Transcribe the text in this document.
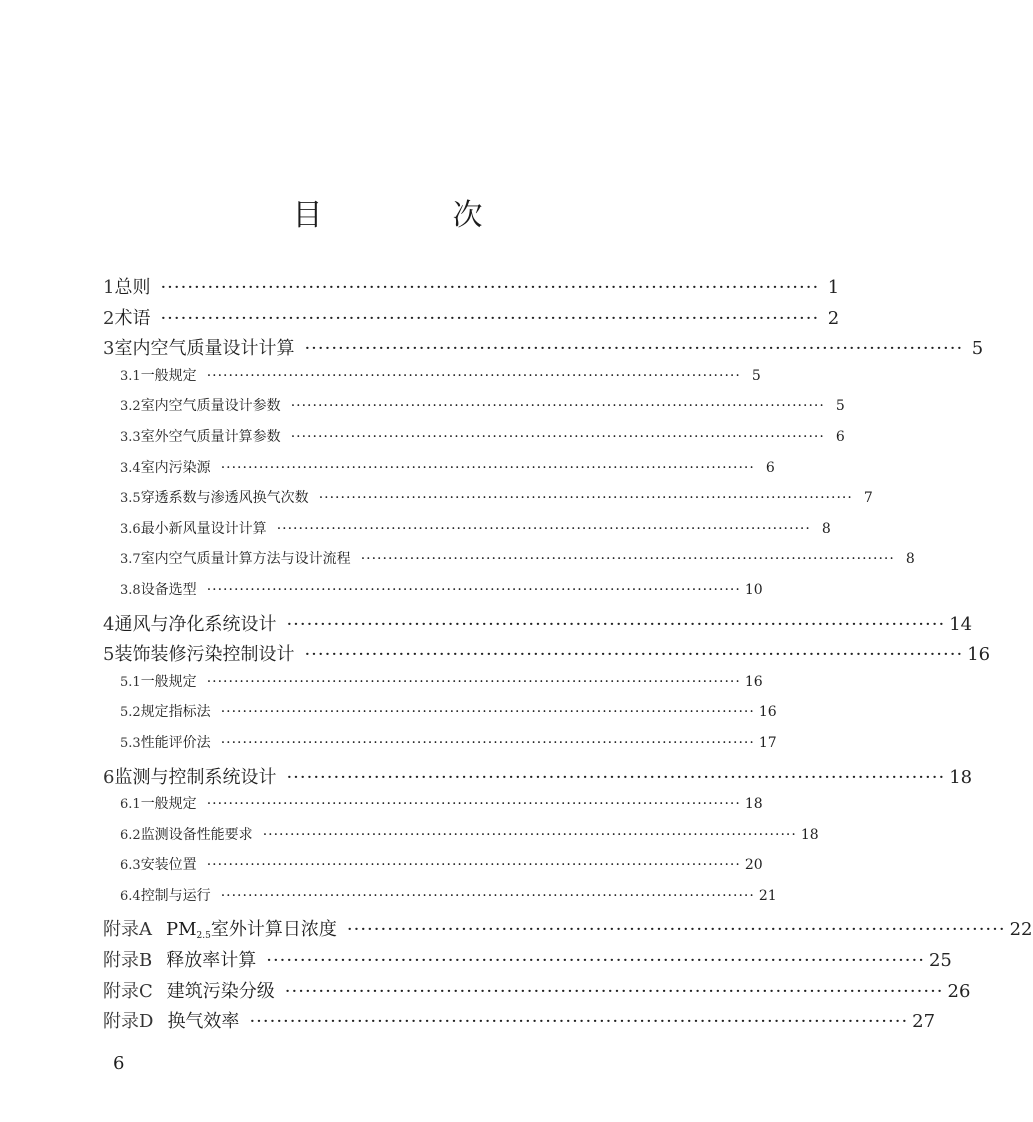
目　次
1 总则 ·································································································· 1
2 术语 ·································································································· 2
3 室内空气质量设计计算 ·································································································· 5
3.1 一般规定 ·································································································· 5
3.2 室内空气质量设计参数 ·································································································· 5
3.3 室外空气质量计算参数 ·································································································· 6
3.4 室内污染源 ·································································································· 6
3.5 穿透系数与渗透风换气次数 ·································································································· 7
3.6 最小新风量设计计算 ·································································································· 8
3.7 室内空气质量计算方法与设计流程 ·································································································· 8
3.8 设备选型 ·································································································· 10
4 通风与净化系统设计 ·································································································· 14
5 装饰装修污染控制设计 ·································································································· 16
5.1 一般规定 ·································································································· 16
5.2 规定指标法 ·································································································· 16
5.3 性能评价法 ·································································································· 17
6 监测与控制系统设计 ·································································································· 18
6.1 一般规定 ·································································································· 18
6.2 监测设备性能要求 ·································································································· 18
6.3 安装位置 ·································································································· 20
6.4 控制与运行 ·································································································· 21
附录A PM2.5室外计算日浓度 ·································································································· 22
附录B 释放率计算 ·································································································· 25
附录C 建筑污染分级 ·································································································· 26
附录D 换气效率 ·································································································· 27

6
